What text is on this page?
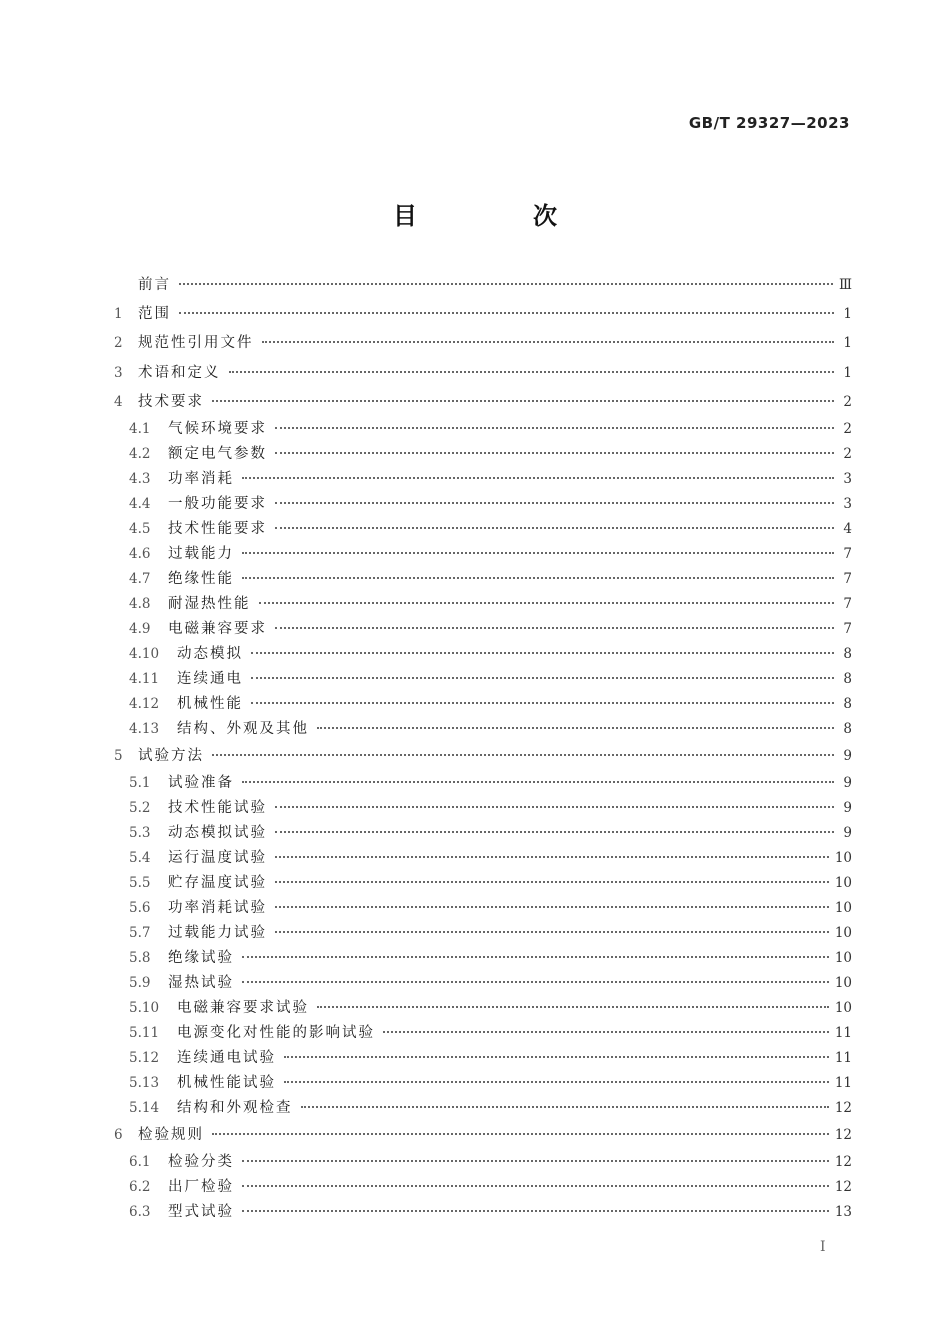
GB/T 29327—2023
目　次
前言	Ⅲ
1	范围	1
2	规范性引用文件	1
3	术语和定义	1
4	技术要求	2
4.1	气候环境要求	2
4.2	额定电气参数	2
4.3	功率消耗	3
4.4	一般功能要求	3
4.5	技术性能要求	4
4.6	过载能力	7
4.7	绝缘性能	7
4.8	耐湿热性能	7
4.9	电磁兼容要求	7
4.10	动态模拟	8
4.11	连续通电	8
4.12	机械性能	8
4.13	结构、外观及其他	8
5	试验方法	9
5.1	试验准备	9
5.2	技术性能试验	9
5.3	动态模拟试验	9
5.4	运行温度试验	10
5.5	贮存温度试验	10
5.6	功率消耗试验	10
5.7	过载能力试验	10
5.8	绝缘试验	10
5.9	湿热试验	10
5.10	电磁兼容要求试验	10
5.11	电源变化对性能的影响试验	11
5.12	连续通电试验	11
5.13	机械性能试验	11
5.14	结构和外观检查	12
6	检验规则	12
6.1	检验分类	12
6.2	出厂检验	12
6.3	型式试验	13
Ⅰ
